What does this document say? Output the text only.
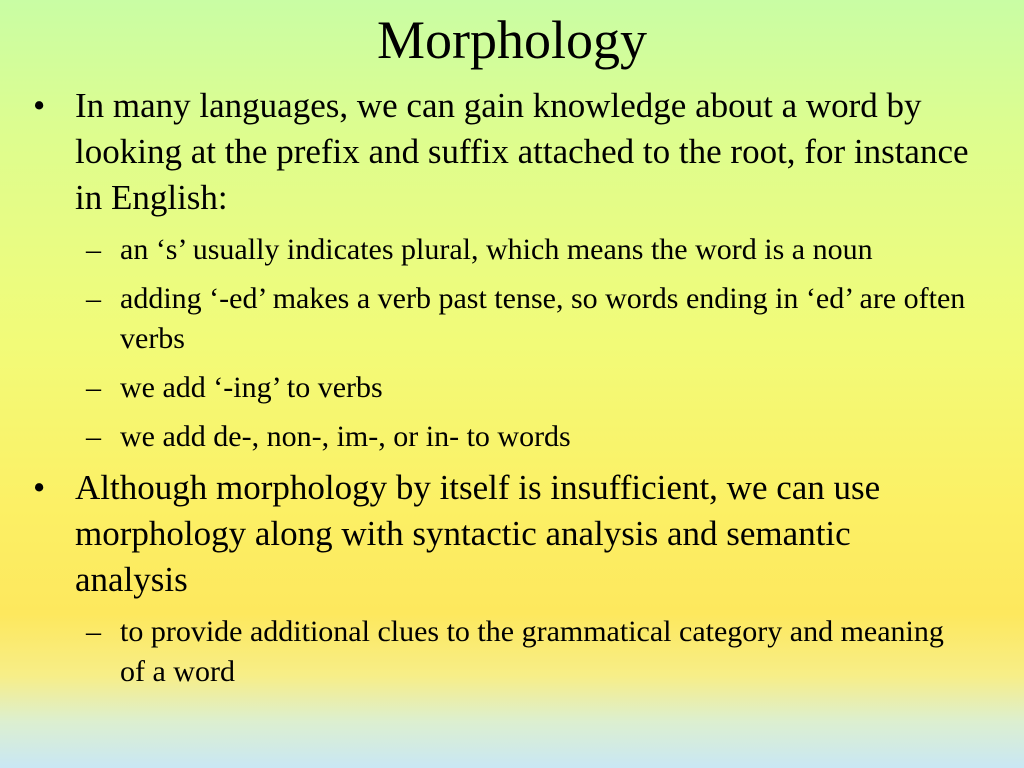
Morphology
• In many languages, we can gain knowledge about a word by looking at the prefix and suffix attached to the root, for instance in English:
– an ‘s’ usually indicates plural, which means the word is a noun
– adding ‘-ed’ makes a verb past tense, so words ending in ‘ed’ are often verbs
– we add ‘-ing’ to verbs
– we add de-, non-, im-, or in- to words
• Although morphology by itself is insufficient, we can use morphology along with syntactic analysis and semantic analysis
– to provide additional clues to the grammatical category and meaning of a word
